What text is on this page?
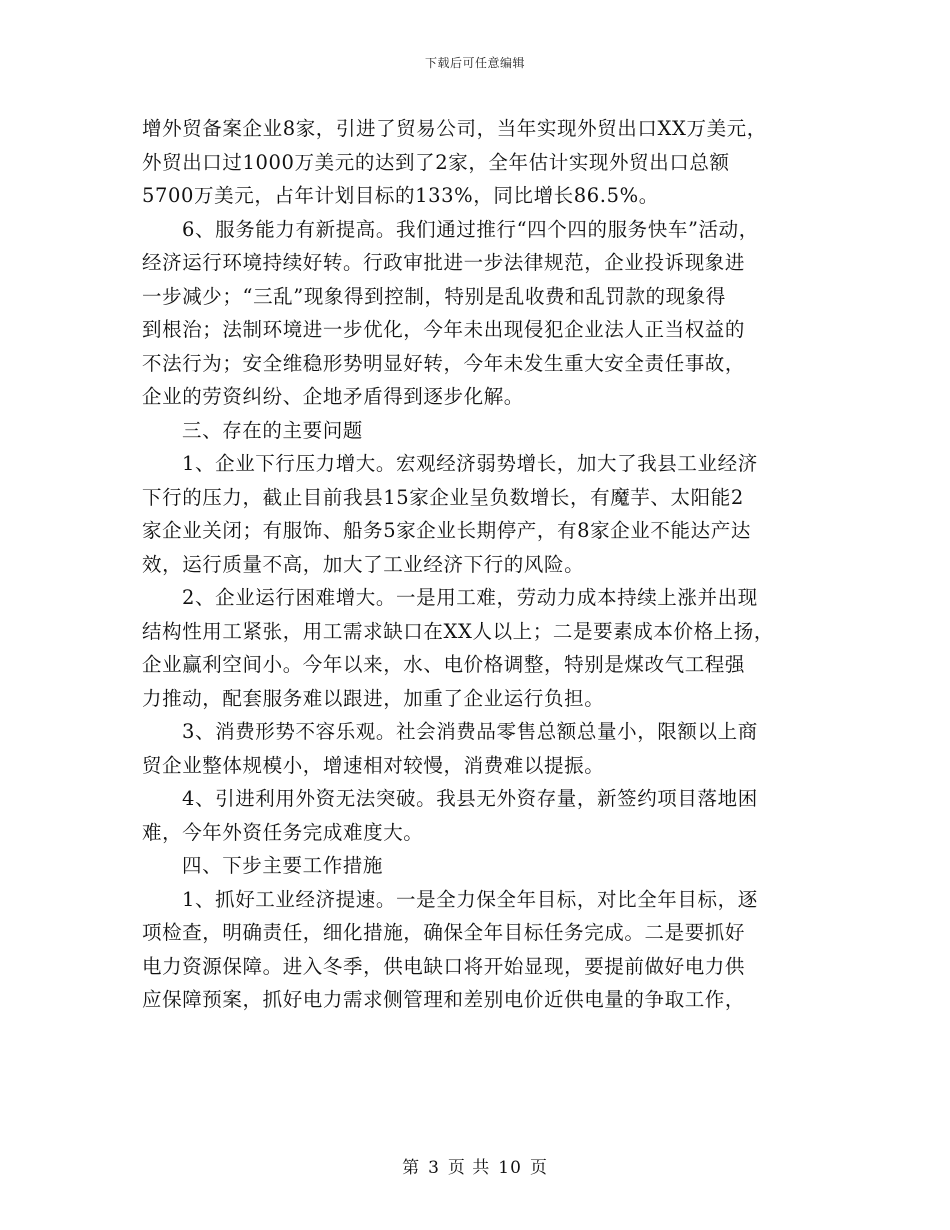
下载后可任意编辑
增外贸备案企业8家，引进了贸易公司，当年实现外贸出口XX万美元，
外贸出口过1000万美元的达到了2家，全年估计实现外贸出口总额
5700万美元，占年计划目标的133%，同比增长86.5%。
6、服务能力有新提高。我们通过推行“四个四的服务快车”活动，
经济运行环境持续好转。行政审批进一步法律规范，企业投诉现象进
一步减少；“三乱”现象得到控制，特别是乱收费和乱罚款的现象得
到根治；法制环境进一步优化，今年未出现侵犯企业法人正当权益的
不法行为；安全维稳形势明显好转，今年未发生重大安全责任事故，
企业的劳资纠纷、企地矛盾得到逐步化解。
三、存在的主要问题
1、企业下行压力增大。宏观经济弱势增长，加大了我县工业经济
下行的压力，截止目前我县15家企业呈负数增长，有魔芋、太阳能2
家企业关闭；有服饰、船务5家企业长期停产，有8家企业不能达产达
效，运行质量不高，加大了工业经济下行的风险。
2、企业运行困难增大。一是用工难，劳动力成本持续上涨并出现
结构性用工紧张，用工需求缺口在XX人以上；二是要素成本价格上扬，
企业赢利空间小。今年以来，水、电价格调整，特别是煤改气工程强
力推动，配套服务难以跟进，加重了企业运行负担。
3、消费形势不容乐观。社会消费品零售总额总量小，限额以上商
贸企业整体规模小，增速相对较慢，消费难以提振。
4、引进利用外资无法突破。我县无外资存量，新签约项目落地困
难，今年外资任务完成难度大。
四、下步主要工作措施
1、抓好工业经济提速。一是全力保全年目标，对比全年目标，逐
项检查，明确责任，细化措施，确保全年目标任务完成。二是要抓好
电力资源保障。进入冬季，供电缺口将开始显现，要提前做好电力供
应保障预案，抓好电力需求侧管理和差别电价近供电量的争取工作，
第 3 页 共 10 页
